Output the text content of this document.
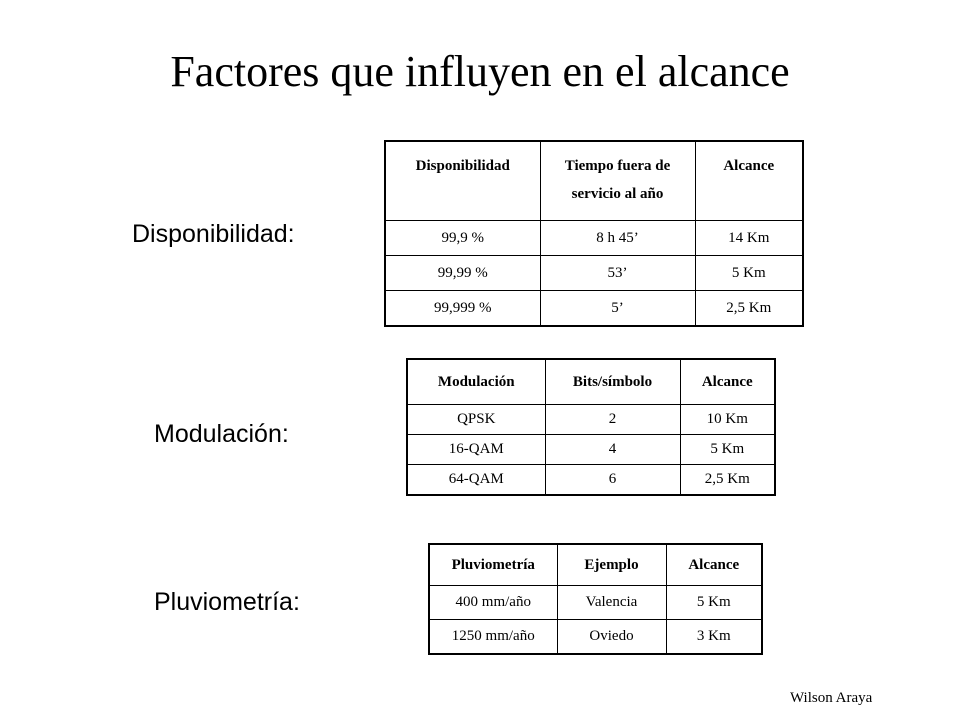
Factores que influyen en el alcance
Disponibilidad:
Disponibilidad	Tiempo fuera de servicio al año	Alcance
99,9 %	8 h 45’	14 Km
99,99 %	53’	5 Km
99,999 %	5’	2,5 Km
Modulación:
Modulación	Bits/símbolo	Alcance
QPSK	2	10 Km
16-QAM	4	5 Km
64-QAM	6	2,5 Km
Pluviometría:
Pluviometría	Ejemplo	Alcance
400 mm/año	Valencia	5 Km
1250 mm/año	Oviedo	3 Km
Wilson Araya
